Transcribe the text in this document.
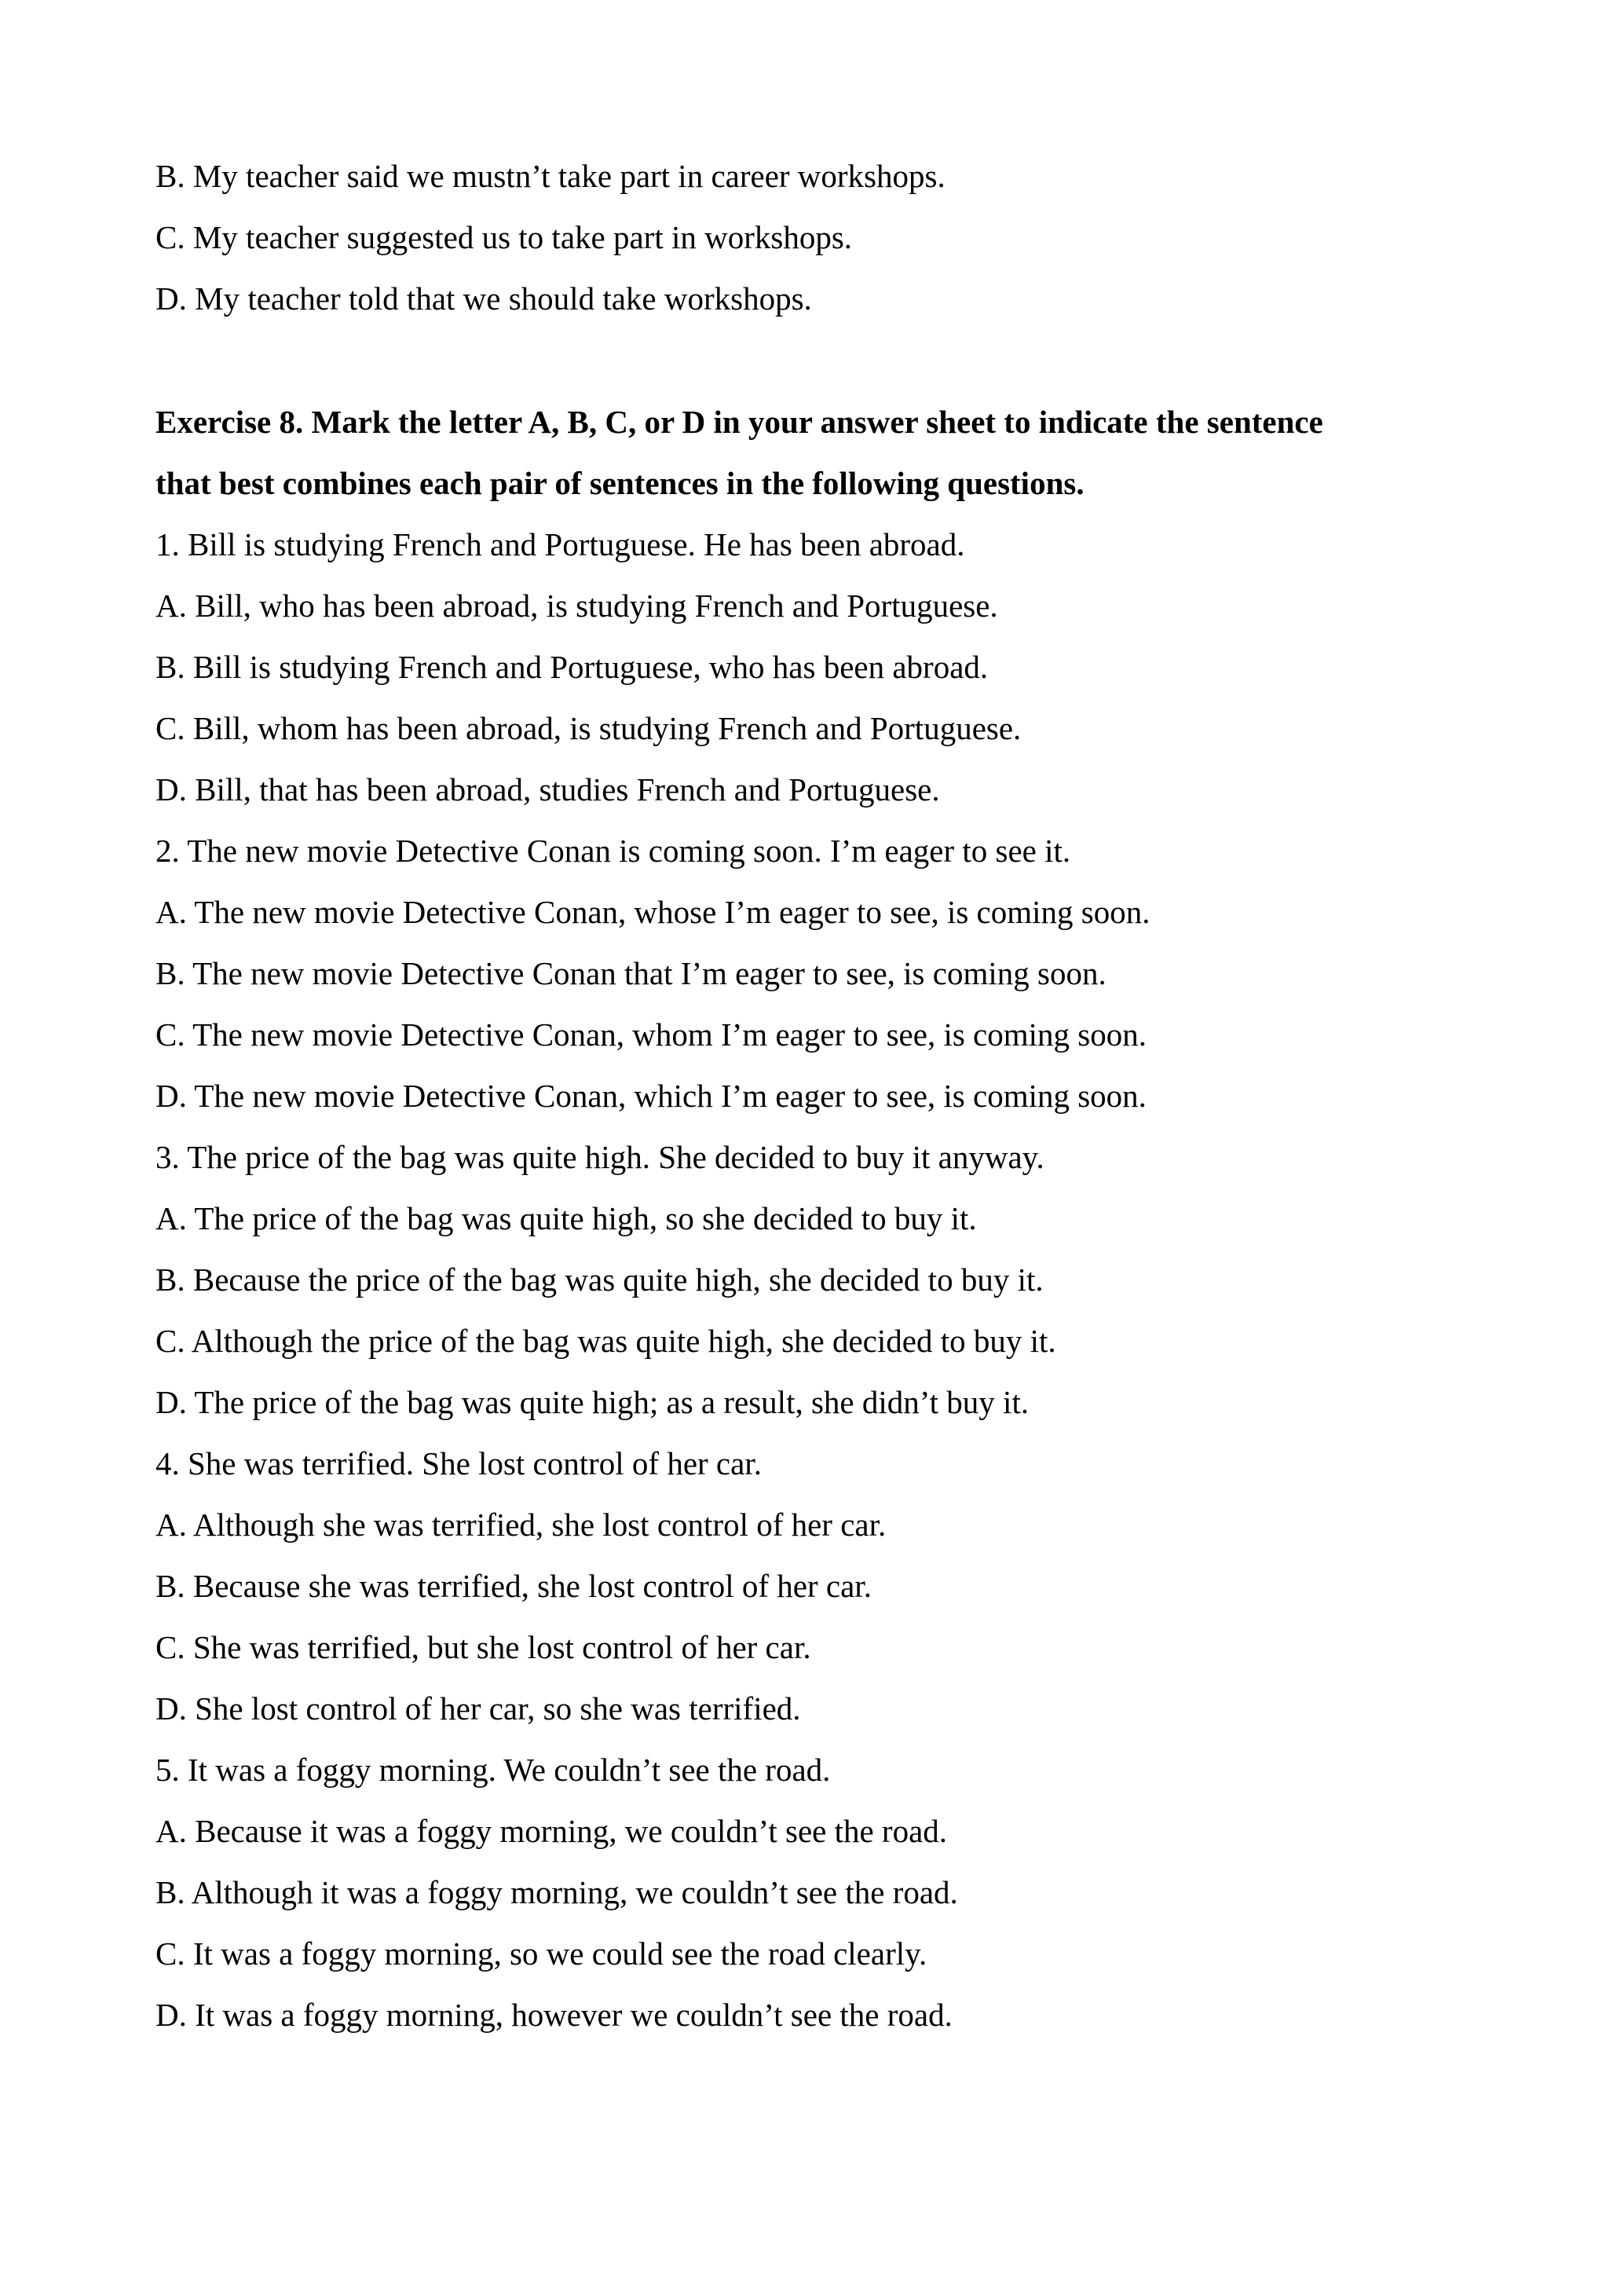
B. My teacher said we mustn’t take part in career workshops.
C. My teacher suggested us to take part in workshops.
D. My teacher told that we should take workshops.
Exercise 8. Mark the letter A, B, C, or D in your answer sheet to indicate the sentence
that best combines each pair of sentences in the following questions.
1. Bill is studying French and Portuguese. He has been abroad.
A. Bill, who has been abroad, is studying French and Portuguese.
B. Bill is studying French and Portuguese, who has been abroad.
C. Bill, whom has been abroad, is studying French and Portuguese.
D. Bill, that has been abroad, studies French and Portuguese.
2. The new movie Detective Conan is coming soon. I’m eager to see it.
A. The new movie Detective Conan, whose I’m eager to see, is coming soon.
B. The new movie Detective Conan that I’m eager to see, is coming soon.
C. The new movie Detective Conan, whom I’m eager to see, is coming soon.
D. The new movie Detective Conan, which I’m eager to see, is coming soon.
3. The price of the bag was quite high. She decided to buy it anyway.
A. The price of the bag was quite high, so she decided to buy it.
B. Because the price of the bag was quite high, she decided to buy it.
C. Although the price of the bag was quite high, she decided to buy it.
D. The price of the bag was quite high; as a result, she didn’t buy it.
4. She was terrified. She lost control of her car.
A. Although she was terrified, she lost control of her car.
B. Because she was terrified, she lost control of her car.
C. She was terrified, but she lost control of her car.
D. She lost control of her car, so she was terrified.
5. It was a foggy morning. We couldn’t see the road.
A. Because it was a foggy morning, we couldn’t see the road.
B. Although it was a foggy morning, we couldn’t see the road.
C. It was a foggy morning, so we could see the road clearly.
D. It was a foggy morning, however we couldn’t see the road.
